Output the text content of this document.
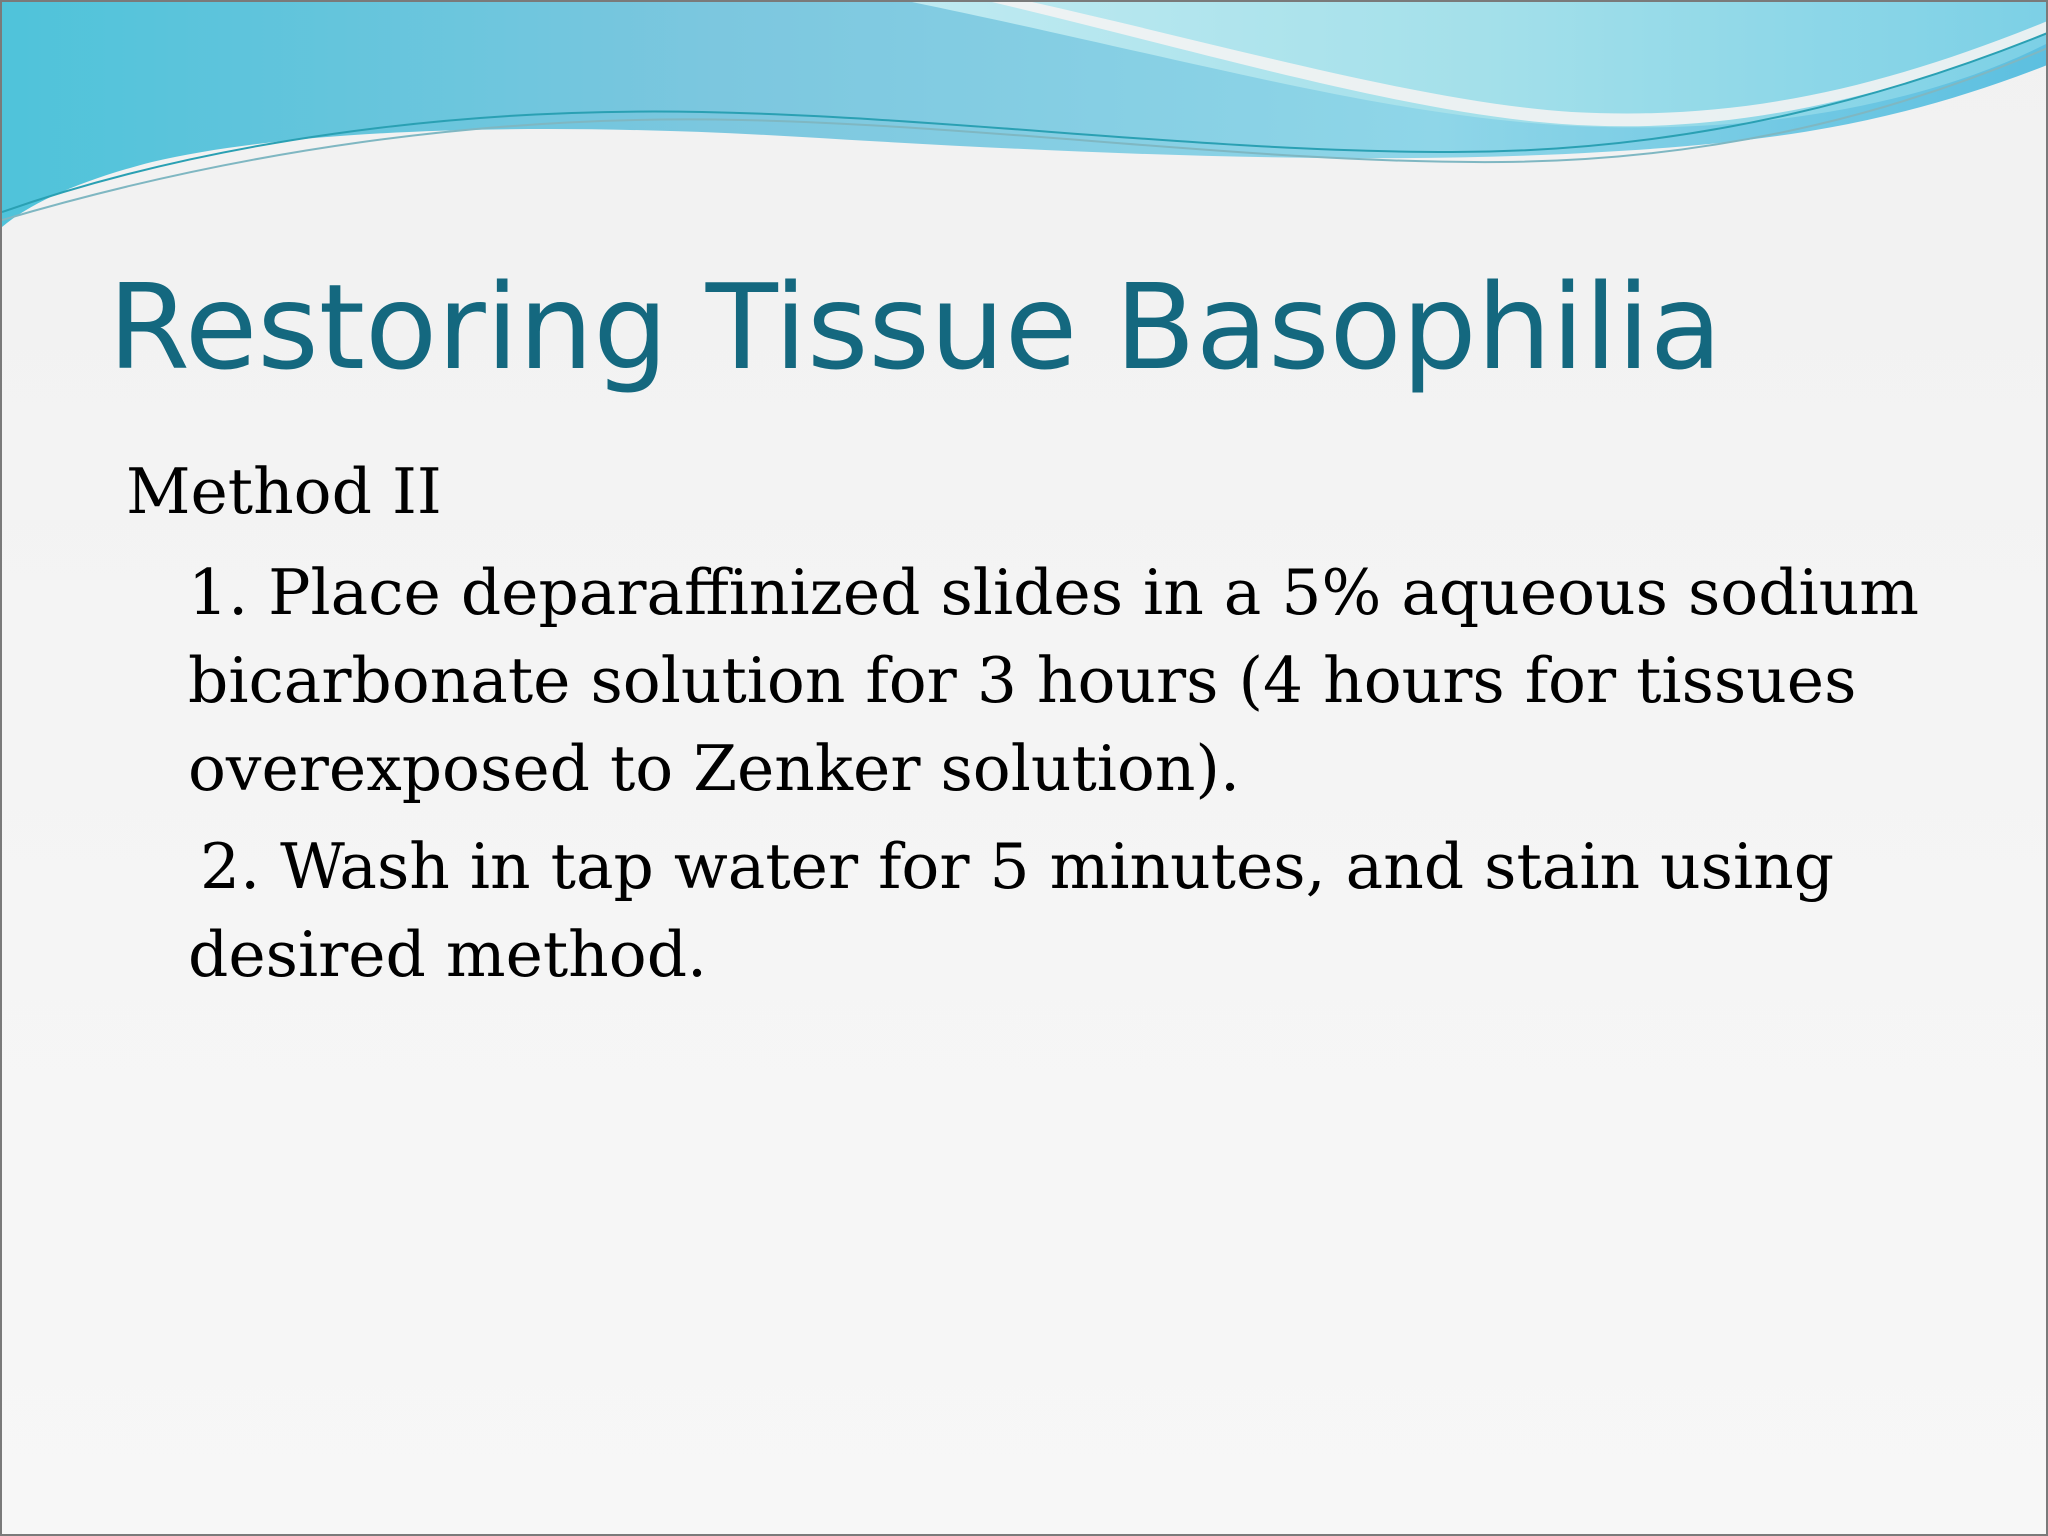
Restoring Tissue Basophilia

Method II

1. Place deparaffinized slides in a 5% aqueous sodium bicarbonate solution for 3 hours (4 hours for tissues overexposed to Zenker solution).

2. Wash in tap water for 5 minutes, and stain using desired method.
